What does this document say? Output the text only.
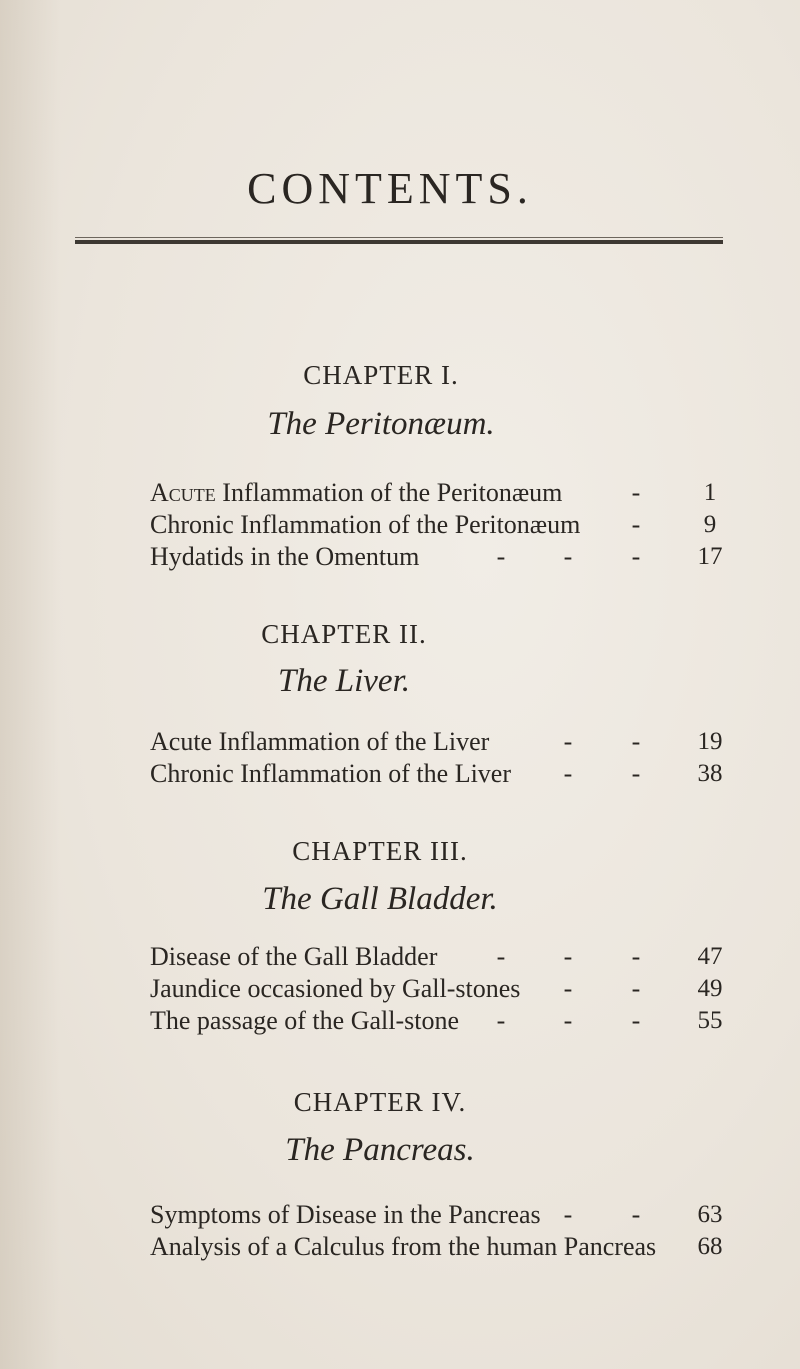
CONTENTS.
CHAPTER I.
The Peritonæum.
Acute Inflammation of the Peritonæum	-	1
Chronic Inflammation of the Peritonæum -	9
Hydatids in the Omentum	- - -	17
CHAPTER II.
The Liver.
Acute Inflammation of the Liver	- -	19
Chronic Inflammation of the Liver - -	38
CHAPTER III.
The Gall Bladder.
Disease of the Gall Bladder - - -	47
Jaundice occasioned by Gall-stones - -	49
The passage of the Gall-stone - - -	55
CHAPTER IV.
The Pancreas.
Symptoms of Disease in the Pancreas - -	63
Analysis of a Calculus from the human Pancreas	68
